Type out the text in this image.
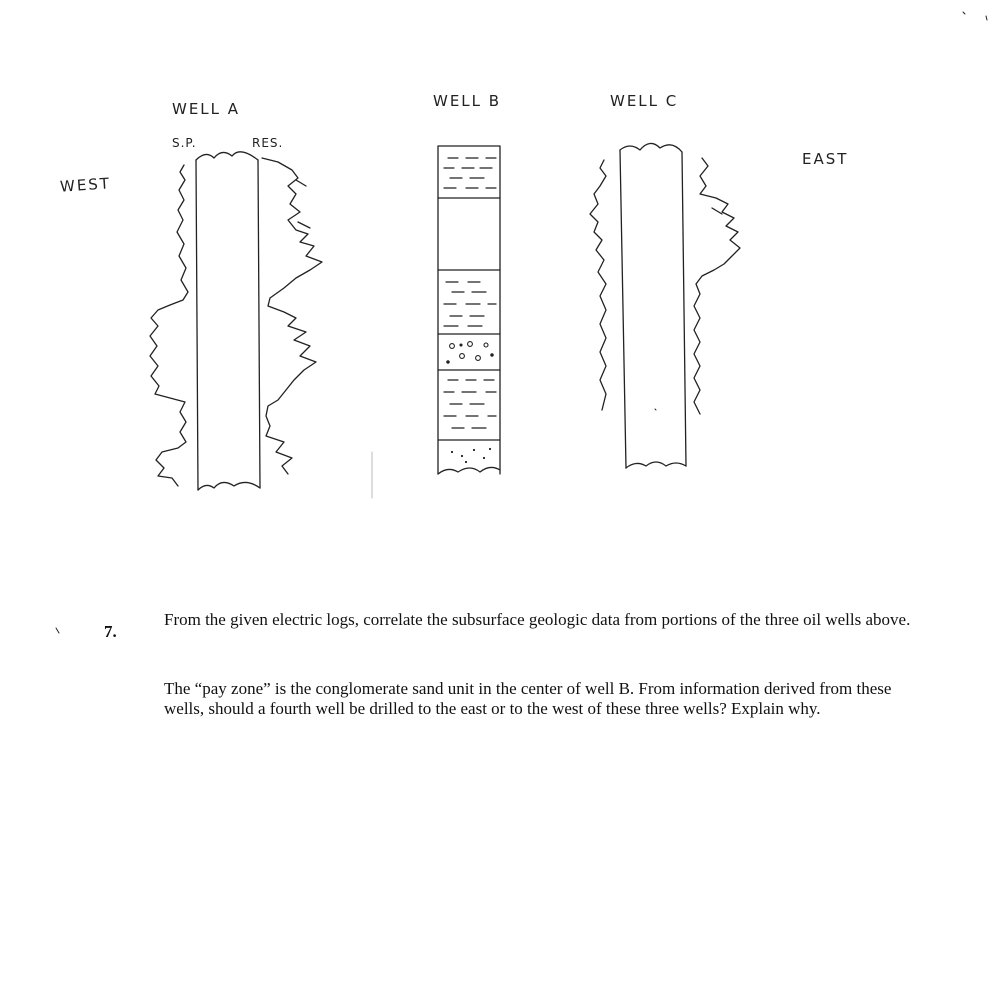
WEST
EAST
WELL A	WELL B	WELL C
S.P.	RES.
7.

From the given electric logs, correlate the subsurface geologic data from portions of the three oil wells above.

The “pay zone” is the conglomerate sand unit in the center of well B. From information derived from these wells, should a fourth well be drilled to the east or to the west of these three wells? Explain why.
